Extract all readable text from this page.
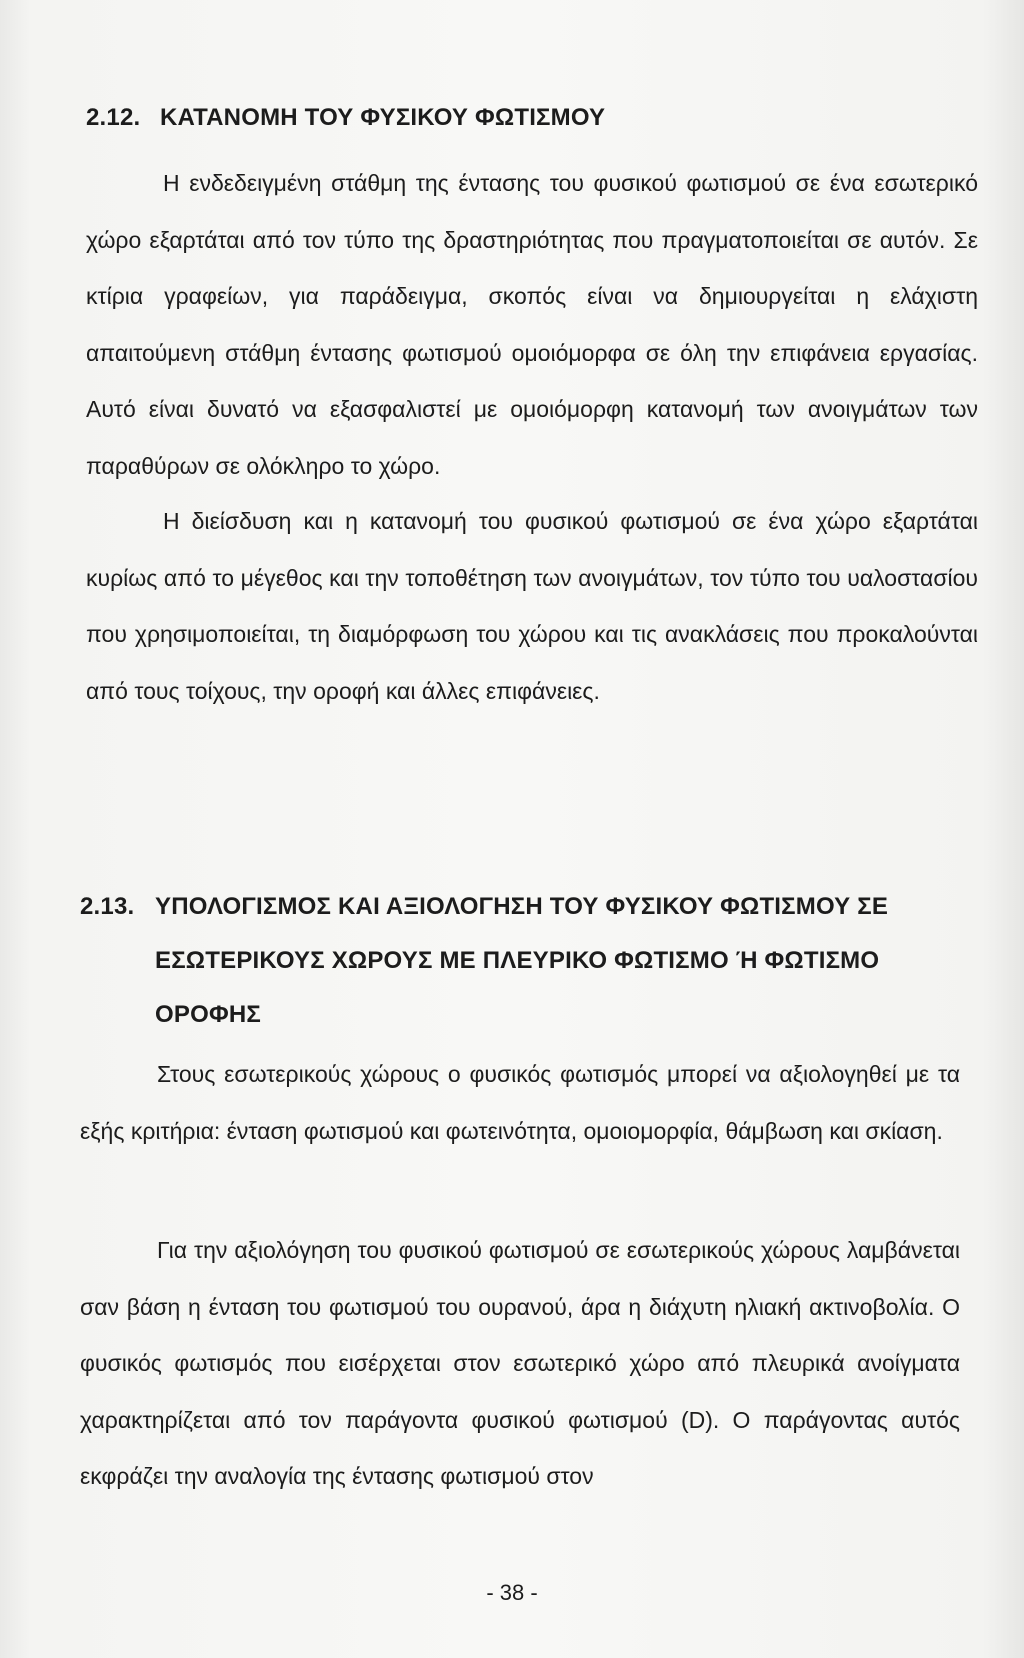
2.12. ΚΑΤΑΝΟΜΗ ΤΟΥ ΦΥΣΙΚΟΥ ΦΩΤΙΣΜΟΥ

Η ενδεδειγμένη στάθμη της έντασης του φυσικού φωτισμού σε ένα εσωτερικό χώρο εξαρτάται από τον τύπο της δραστηριότητας που πραγματοποιείται σε αυτόν. Σε κτίρια γραφείων, για παράδειγμα, σκοπός είναι να δημιουργείται η ελάχιστη απαιτούμενη στάθμη έντασης φωτισμού ομοιόμορφα σε όλη την επιφάνεια εργασίας. Αυτό είναι δυνατό να εξασφαλιστεί με ομοιόμορφη κατανομή των ανοιγμάτων των παραθύρων σε ολόκληρο το χώρο.

Η διείσδυση και η κατανομή του φυσικού φωτισμού σε ένα χώρο εξαρτάται κυρίως από το μέγεθος και την τοποθέτηση των ανοιγμάτων, τον τύπο του υαλοστασίου που χρησιμοποιείται, τη διαμόρφωση του χώρου και τις ανακλάσεις που προκαλούνται από τους τοίχους, την οροφή και άλλες επιφάνειες.

2.13. ΥΠΟΛΟΓΙΣΜΟΣ ΚΑΙ ΑΞΙΟΛΟΓΗΣΗ ΤΟΥ ΦΥΣΙΚΟΥ ΦΩΤΙΣΜΟΥ ΣΕ ΕΣΩΤΕΡΙΚΟΥΣ ΧΩΡΟΥΣ ΜΕ ΠΛΕΥΡΙΚΟ ΦΩΤΙΣΜΟ Ή ΦΩΤΙΣΜΟ ΟΡΟΦΗΣ

Στους εσωτερικούς χώρους ο φυσικός φωτισμός μπορεί να αξιολογηθεί με τα εξής κριτήρια: ένταση φωτισμού και φωτεινότητα, ομοιομορφία, θάμβωση και σκίαση.

Για την αξιολόγηση του φυσικού φωτισμού σε εσωτερικούς χώρους λαμβάνεται σαν βάση η ένταση του φωτισμού του ουρανού, άρα η διάχυτη ηλιακή ακτινοβολία. Ο φυσικός φωτισμός που εισέρχεται στον εσωτερικό χώρο από πλευρικά ανοίγματα χαρακτηρίζεται από τον παράγοντα φυσικού φωτισμού (D). Ο παράγοντας αυτός εκφράζει την αναλογία της έντασης φωτισμού στον

- 38 -
